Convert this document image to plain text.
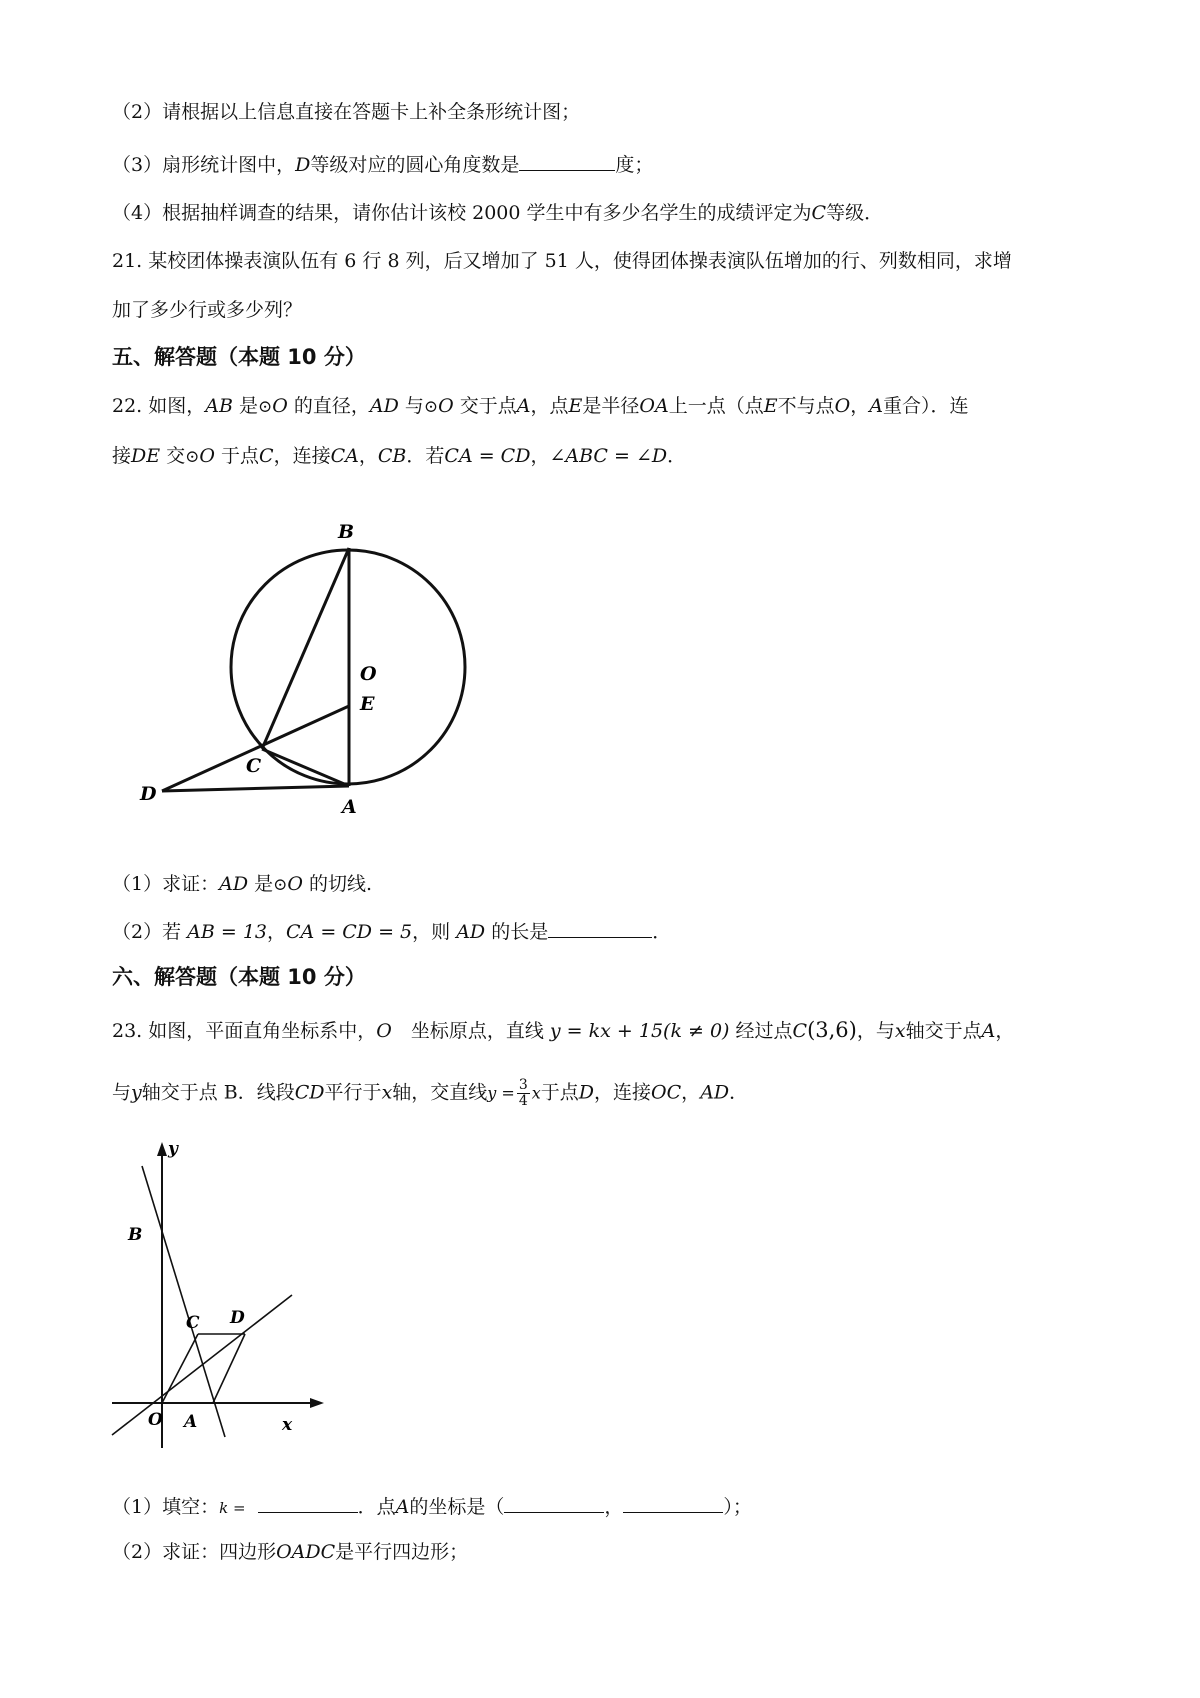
（2）请根据以上信息直接在答题卡上补全条形统计图；
（3）扇形统计图中，D等级对应的圆心角度数是	度；
（4）根据抽样调查的结果，请你估计该校 2000 学生中有多少名学生的成绩评定为C等级．
21. 某校团体操表演队伍有 6 行 8 列，后又增加了 51 人，使得团体操表演队伍增加的行、列数相同，求增
加了多少行或多少列？
五、解答题（本题 10 分）
22. 如图，AB 是⊙O 的直径，AD 与⊙O 交于点A，点E是半径OA上一点（点E不与点O，A重合）．连
接DE 交⊙O 于点C，连接CA，CB．若CA = CD，∠ABC = ∠D．
B
O
E
C
D
A
（1）求证：AD 是⊙O 的切线.
（2）若 AB = 13，CA = CD = 5，则 AD 的长是	．
六、解答题（本题 10 分）
23. 如图，平面直角坐标系中，O　坐标原点，直线 y = kx + 15(k ≠ 0) 经过点C(3,6)，与x轴交于点A，
与y轴交于点 B．线段CD平行于x轴，交直线$y = \frac{3}{4}$ x于点D，连接OC，AD．
y
B
C D
O A	x
（1）填空：k =	．点A的坐标是（	，	）；
（2）求证：四边形OADC是平行四边形；
